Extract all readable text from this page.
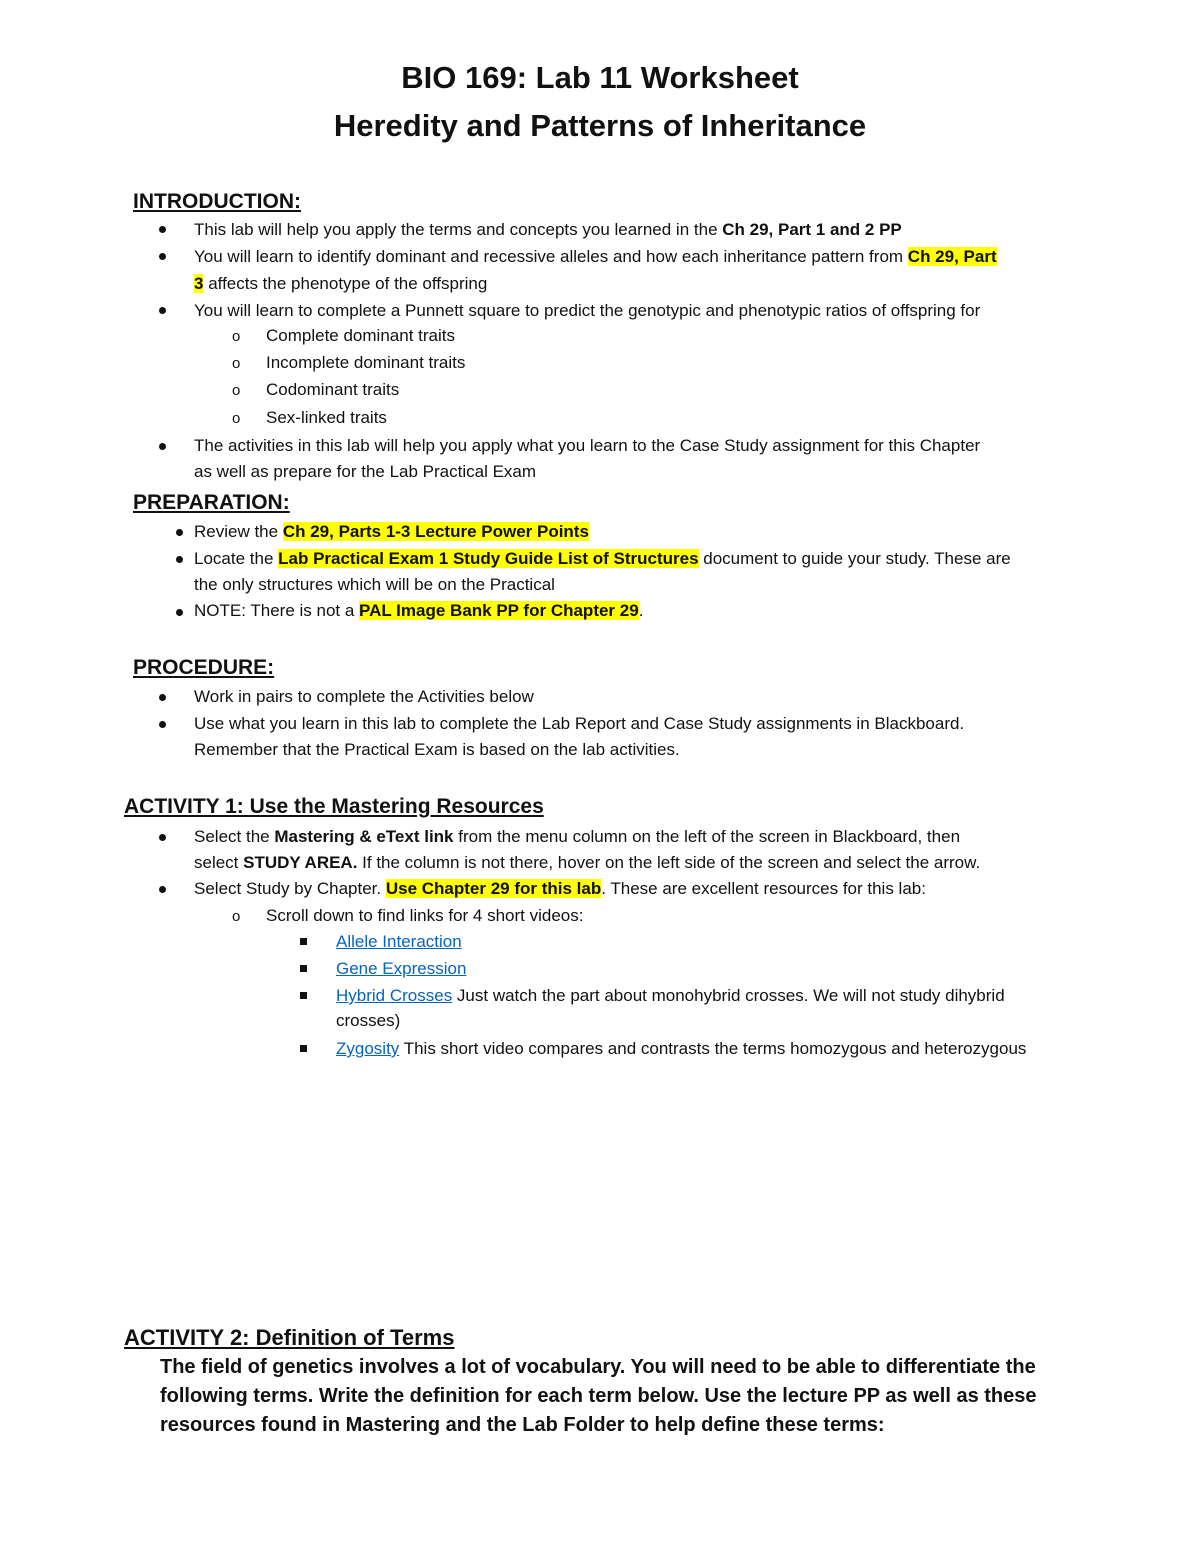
BIO 169: Lab 11 Worksheet
Heredity and Patterns of Inheritance
INTRODUCTION:
This lab will help you apply the terms and concepts you learned in the Ch 29, Part 1 and 2 PP
You will learn to identify dominant and recessive alleles and how each inheritance pattern from Ch 29, Part
3 affects the phenotype of the offspring
You will learn to complete a Punnett square to predict the genotypic and phenotypic ratios of offspring for
o Complete dominant traits
o Incomplete dominant traits
o Codominant traits
o Sex-linked traits
The activities in this lab will help you apply what you learn to the Case Study assignment for this Chapter
as well as prepare for the Lab Practical Exam
PREPARATION:
Review the Ch 29, Parts 1-3 Lecture Power Points
Locate the Lab Practical Exam 1 Study Guide List of Structures document to guide your study. These are
the only structures which will be on the Practical
NOTE: There is not a PAL Image Bank PP for Chapter 29.
PROCEDURE:
Work in pairs to complete the Activities below
Use what you learn in this lab to complete the Lab Report and Case Study assignments in Blackboard.
Remember that the Practical Exam is based on the lab activities.
ACTIVITY 1: Use the Mastering Resources
Select the Mastering & eText link from the menu column on the left of the screen in Blackboard, then
select STUDY AREA. If the column is not there, hover on the left side of the screen and select the arrow.
Select Study by Chapter. Use Chapter 29 for this lab. These are excellent resources for this lab:
o Scroll down to find links for 4 short videos:
Allele Interaction
Gene Expression
Hybrid Crosses Just watch the part about monohybrid crosses. We will not study dihybrid
crosses)
Zygosity This short video compares and contrasts the terms homozygous and heterozygous
ACTIVITY 2: Definition of Terms
The field of genetics involves a lot of vocabulary. You will need to be able to differentiate the
following terms. Write the definition for each term below. Use the lecture PP as well as these
resources found in Mastering and the Lab Folder to help define these terms:
